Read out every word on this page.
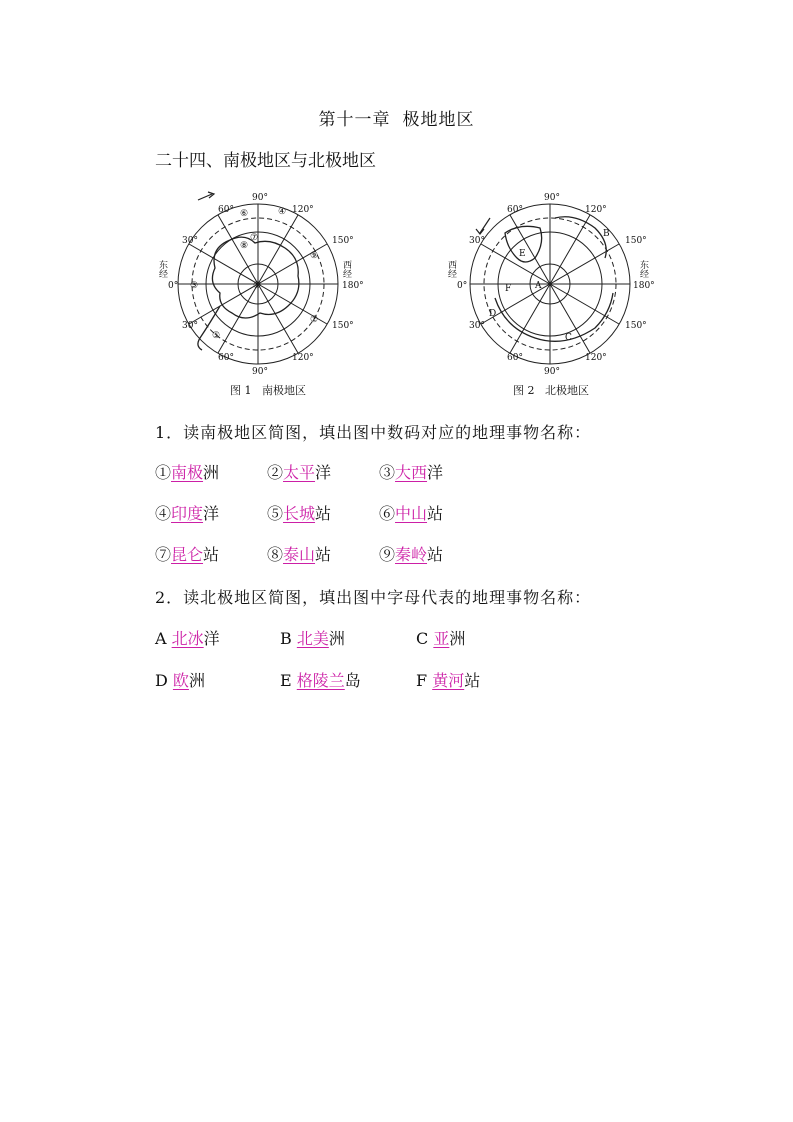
第十一章 极地地区
二十四、南极地区与北极地区
90°
60°	120°
30°	150°
0°	180°
150°
30°
60°	120°
90°
东经	西经
①
②
③
④
⑤
⑥
⑦
⑧
⑨
图 1 南极地区
90°
60°	120°
30°	150°
0°	180°
150°
30°
60°	120°
90°
西经	东经
A
B
C
D
E
F
图 2 北极地区
1．读南极地区简图，填出图中数码对应的地理事物名称：
①南极洲	②太平洋	③大西洋
④印度洋	⑤长城站	⑥中山站
⑦昆仑站	⑧泰山站	⑨秦岭站
2．读北极地区简图，填出图中字母代表的地理事物名称：
A 北冰洋	B 北美洲	C 亚洲
D 欧洲	E 格陵兰岛	F 黄河站
